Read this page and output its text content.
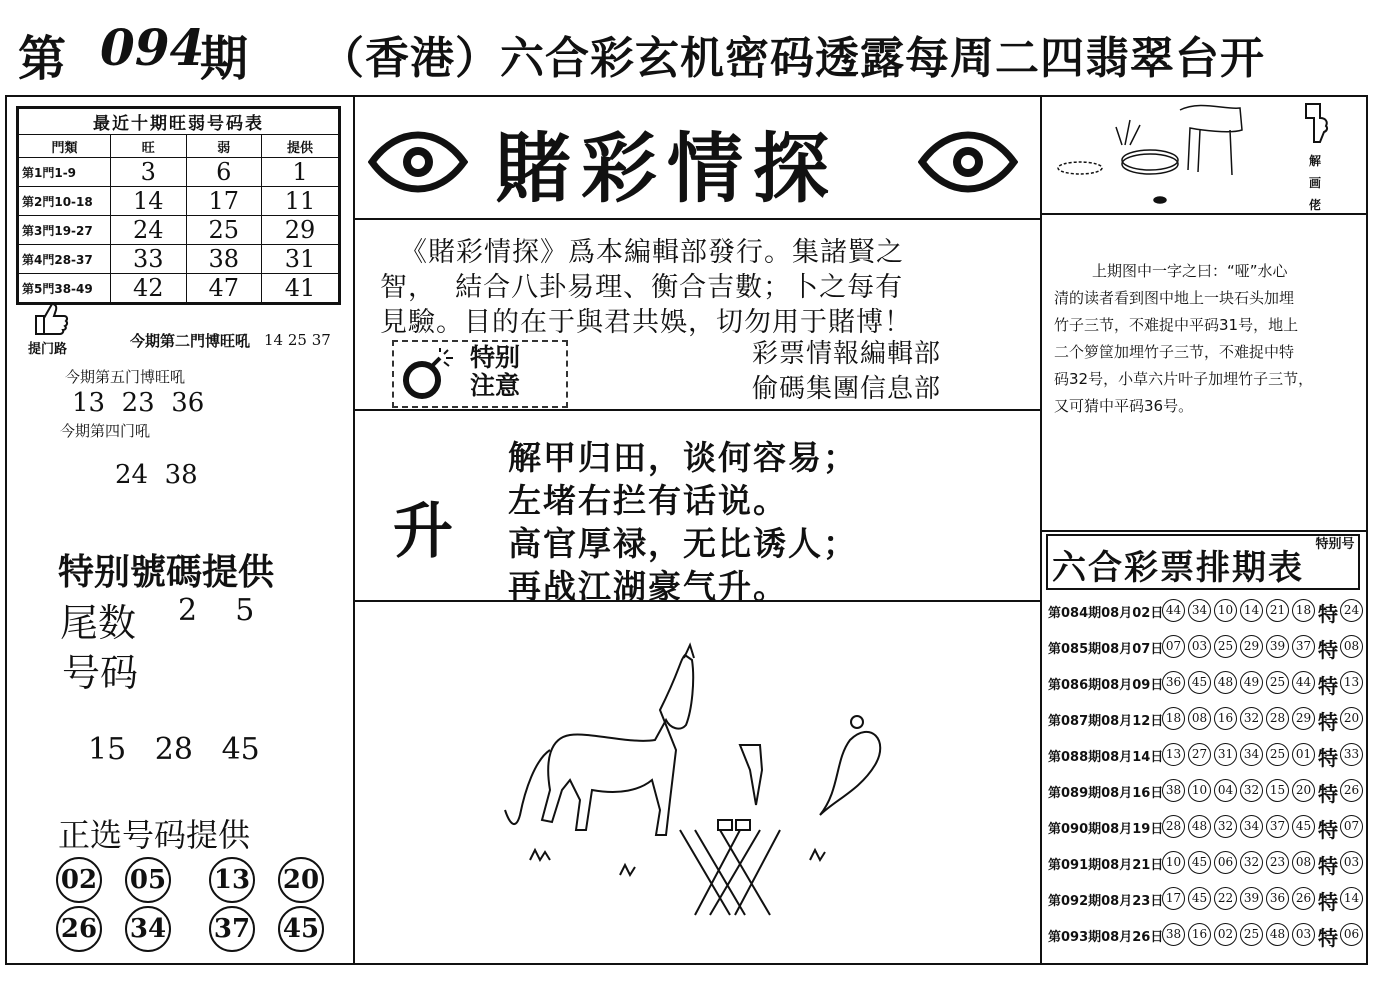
第 094
期 （香港）六合彩玄机密码透露每周二四翡翠台开
最近十期旺弱号码表			
門類	旺	弱	提供
第1門1-9	3	6	1
第2門10-18	14	17	11
第3門19-27	24	25	29
第4門28-37	33	38	31
第5門38-49	42	47	41
提门路	今期第二門博旺吼 14 25 37
今期第五门博旺吼
13  23  36
今期第四门吼
24  38
特别號碼提供
尾数 2    5
号码
15   28   45
正选号码提供
02 05 13 20
26 34 37 45
賭彩情探
《賭彩情探》爲本編輯部發行。集諸賢之
智，  結合八卦易理、衡合吉數；卜之每有
見驗。目的在于與君共娛，切勿用于賭博！
特别
注意
彩票情報編輯部
偷碼集團信息部
升
解甲归田，谈何容易；
左堵右拦有话说。
高官厚禄，无比诱人；
再战江湖豪气升。
解画佬
上期图中一字之曰：“哑”水心
清的读者看到图中地上一块石头加埋
竹子三节，不难捉中平码31号，地上
二个箩筐加埋竹子三节，不难捉中特
码32号，小草六片叶子加埋竹子三节，
又可猜中平码36号。
六合彩票排期表
特别号
第084期08月02日 44 34 10 14 21 18 特 24
第085期08月07日 07 03 25 29 39 37 特 08
第086期08月09日 36 45 48 49 25 44 特 13
第087期08月12日 18 08 16 32 28 29 特 20
第088期08月14日 13 27 31 34 25 01 特 33
第089期08月16日 38 10 04 32 15 20 特 26
第090期08月19日 28 48 32 34 37 45 特 07
第091期08月21日 10 45 06 32 23 08 特 03
第092期08月23日 17 45 22 39 36 26 特 14
第093期08月26日 38 16 02 25 48 03 特 06
